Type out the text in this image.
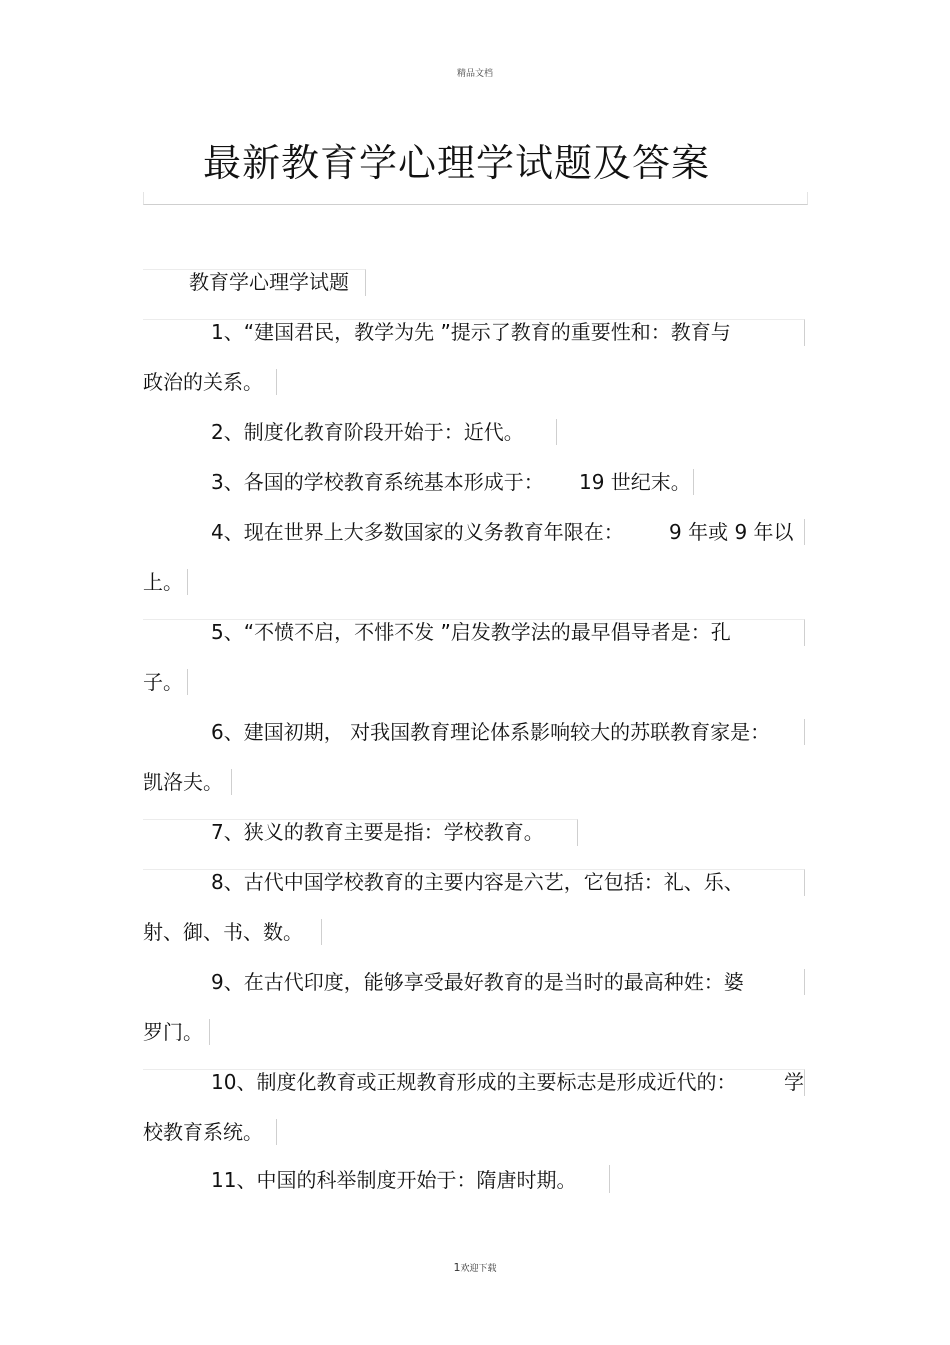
精品文档
最新教育学心理学试题及答案
教育学心理学试题
1、“建国君民，教学为先 ”提示了教育的重要性和：教育与
政治的关系。
2、制度化教育阶段开始于：近代。
3、各国的学校教育系统基本形成于： 19 世纪末。
4、现在世界上大多数国家的义务教育年限在： 9 年或 9 年以
上。
5、“不愤不启，不悱不发 ”启发教学法的最早倡导者是：孔
子。
6、建国初期， 对我国教育理论体系影响较大的苏联教育家是：
凯洛夫。
7、狭义的教育主要是指：学校教育。
8、古代中国学校教育的主要内容是六艺，它包括：礼、乐、
射、御、书、数。
9、在古代印度，能够享受最好教育的是当时的最高种姓：婆
罗门。
10、制度化教育或正规教育形成的主要标志是形成近代的： 学
校教育系统。
11、中国的科举制度开始于：隋唐时期。
1欢迎下载
